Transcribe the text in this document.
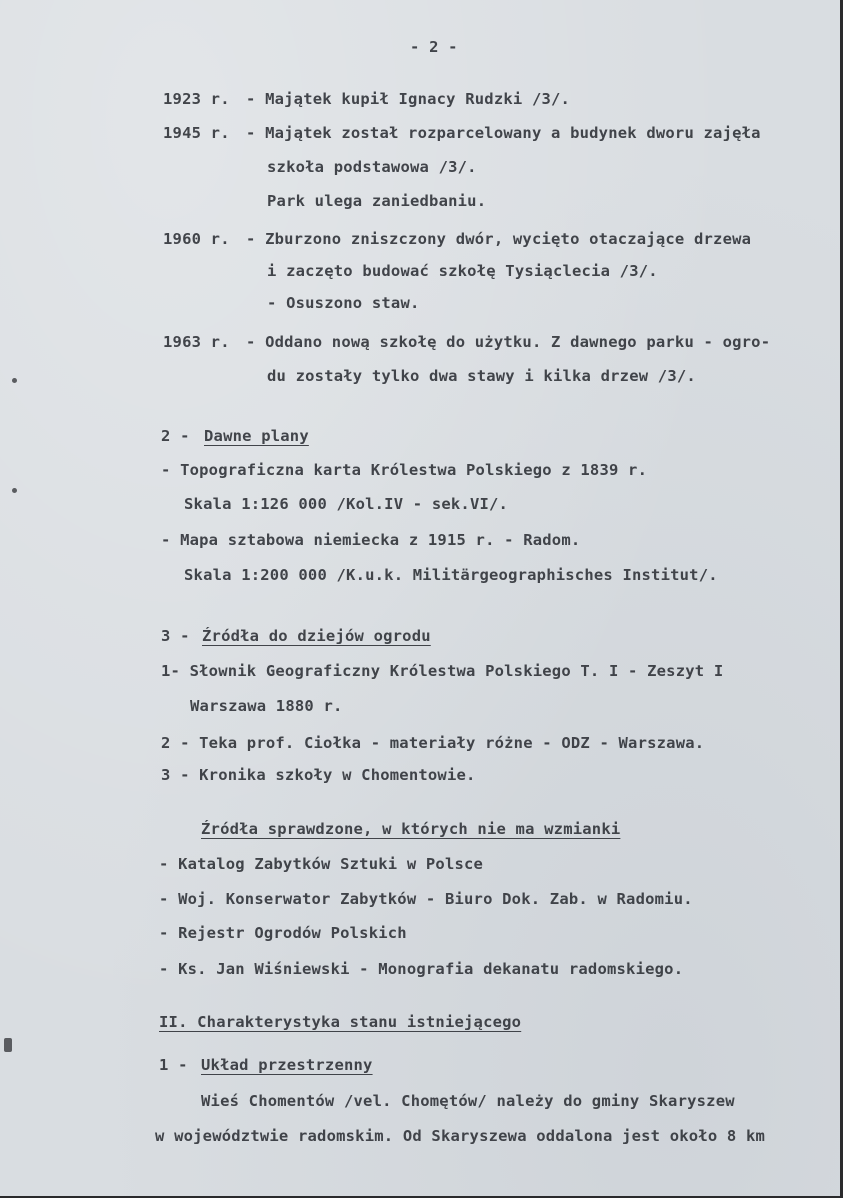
- 2 -
1923 r. - Majątek kupił Ignacy Rudzki /3/.
1945 r. - Majątek został rozparcelowany a budynek dworu zajęła
szkoła podstawowa /3/.
Park ulega zaniedbaniu.
1960 r. - Zburzono zniszczony dwór, wycięto otaczające drzewa
i zaczęto budować szkołę Tysiąclecia /3/.
- Osuszono staw.
1963 r. - Oddano nową szkołę do użytku. Z dawnego parku - ogro-
du zostały tylko dwa stawy i kilka drzew /3/.
2 - Dawne plany
- Topograficzna karta Królestwa Polskiego z 1839 r.
Skala 1:126 000 /Kol.IV - sek.VI/.
- Mapa sztabowa niemiecka z 1915 r. - Radom.
Skala 1:200 000 /K.u.k. Militärgeographisches Institut/.
3 - Źródła do dziejów ogrodu
1- Słownik Geograficzny Królestwa Polskiego T. I - Zeszyt I
Warszawa 1880 r.
2 - Teka prof. Ciołka - materiały różne - ODZ - Warszawa.
3 - Kronika szkoły w Chomentowie.
Źródła sprawdzone, w których nie ma wzmianki
- Katalog Zabytków Sztuki w Polsce
- Woj. Konserwator Zabytków - Biuro Dok. Zab. w Radomiu.
- Rejestr Ogrodów Polskich
- Ks. Jan Wiśniewski - Monografia dekanatu radomskiego.
II. Charakterystyka stanu istniejącego
1 - Układ przestrzenny
Wieś Chomentów /vel. Chomętów/ należy do gminy Skaryszew
w województwie radomskim. Od Skaryszewa oddalona jest około 8 km
